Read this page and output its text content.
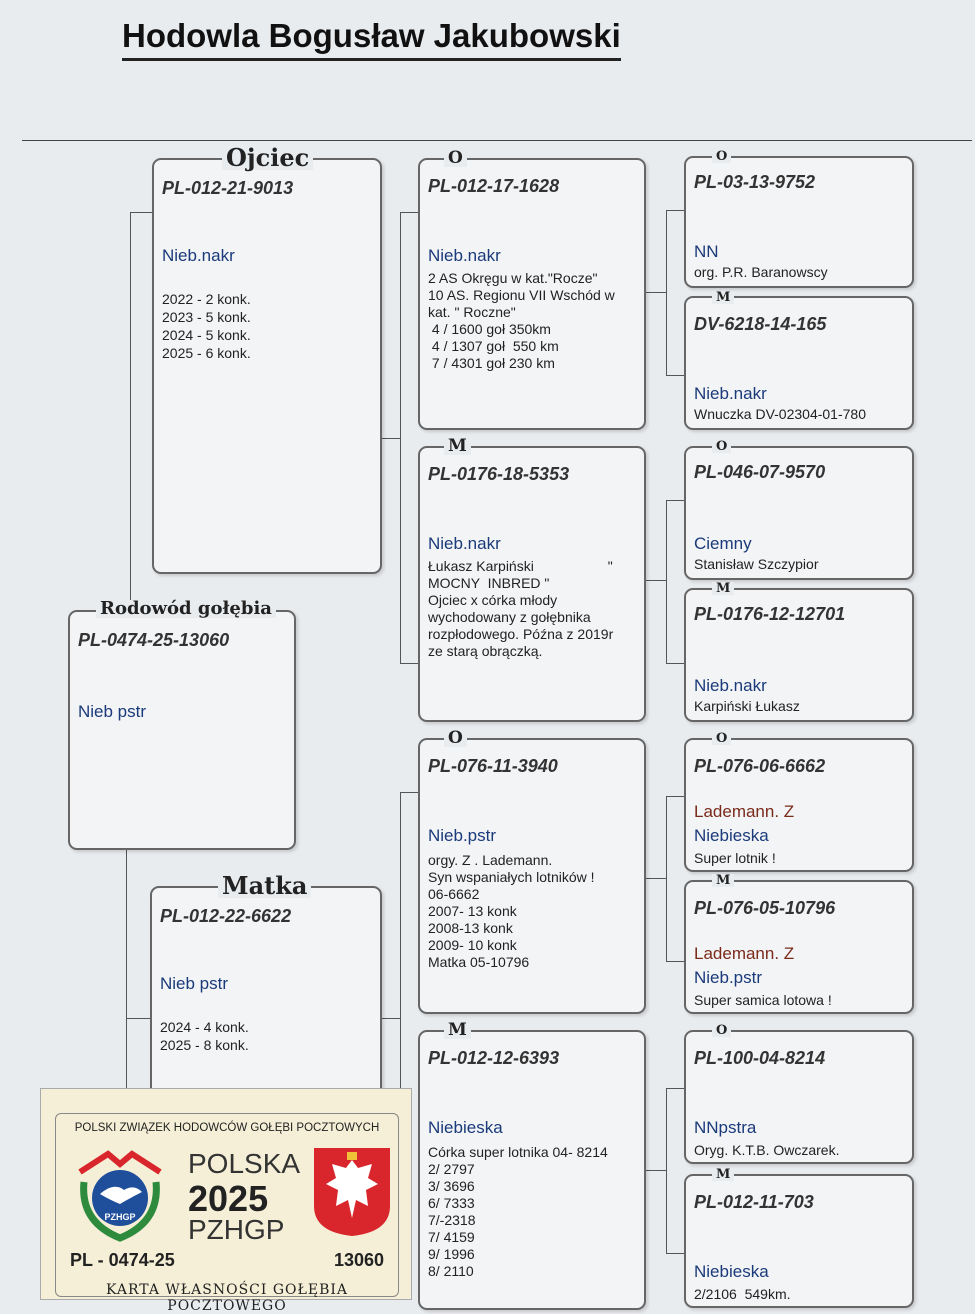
Hodowla Bogusław Jakubowski
PL-012-21-9013
Nieb.nakr
2022 - 2 konk.
2023 - 5 konk.
2024 - 5 konk.
2025 - 6 konk.
Ojciec
PL-0474-25-13060
Nieb pstr
Rodowód gołębia
PL-012-22-6622
Nieb pstr
2024 - 4 konk.
2025 - 8 konk.
Matka
PL-012-17-1628
Nieb.nakr
2 AS Okręgu w kat."Rocze"
10 AS. Regionu VII Wschód w
kat. " Roczne"
4 / 1600 goł 350km
4 / 1307 goł  550 km
7 / 4301 goł 230 km
O
PL-0176-18-5353
Nieb.nakr
Łukasz Karpiński                   "
MOCNY  INBRED "
Ojciec x córka młody
wychodowany z gołębnika
rozpłodowego. Późna z 2019r
ze starą obrączką.
M
PL-076-11-3940
Nieb.pstr
orgy. Z . Lademann.
Syn wspaniałych lotników !
06-6662
2007- 13 konk
2008-13 konk
2009- 10 konk
Matka 05-10796
O
PL-012-12-6393
Niebieska
Córka super lotnika 04- 8214
2/ 2797
3/ 3696
6/ 7333
7/-2318
7/ 4159
9/ 1996
8/ 2110
M
PL-03-13-9752
NN
org. P.R. Baranowscy
O
DV-6218-14-165
Nieb.nakr
Wnuczka DV-02304-01-780
M
PL-046-07-9570
Ciemny
Stanisław Szczypior
O
PL-0176-12-12701
Nieb.nakr
Karpiński Łukasz
M
PL-076-06-6662
Lademann. Z
Niebieska
Super lotnik !
O
PL-076-05-10796
Lademann. Z
Nieb.pstr
Super samica lotowa !
M
PL-100-04-8214
NNpstra
Oryg. K.T.B. Owczarek.
O
PL-012-11-703
Niebieska
2/2106  549km.
M
POLSKI ZWIĄZEK HODOWCÓW GOŁĘBI POCZTOWYCH
PZHGP
POLSKA
2025
PZHGP
PL - 0474-25	13060
KARTA WŁASNOŚCI GOŁĘBIA POCZTOWEGO
